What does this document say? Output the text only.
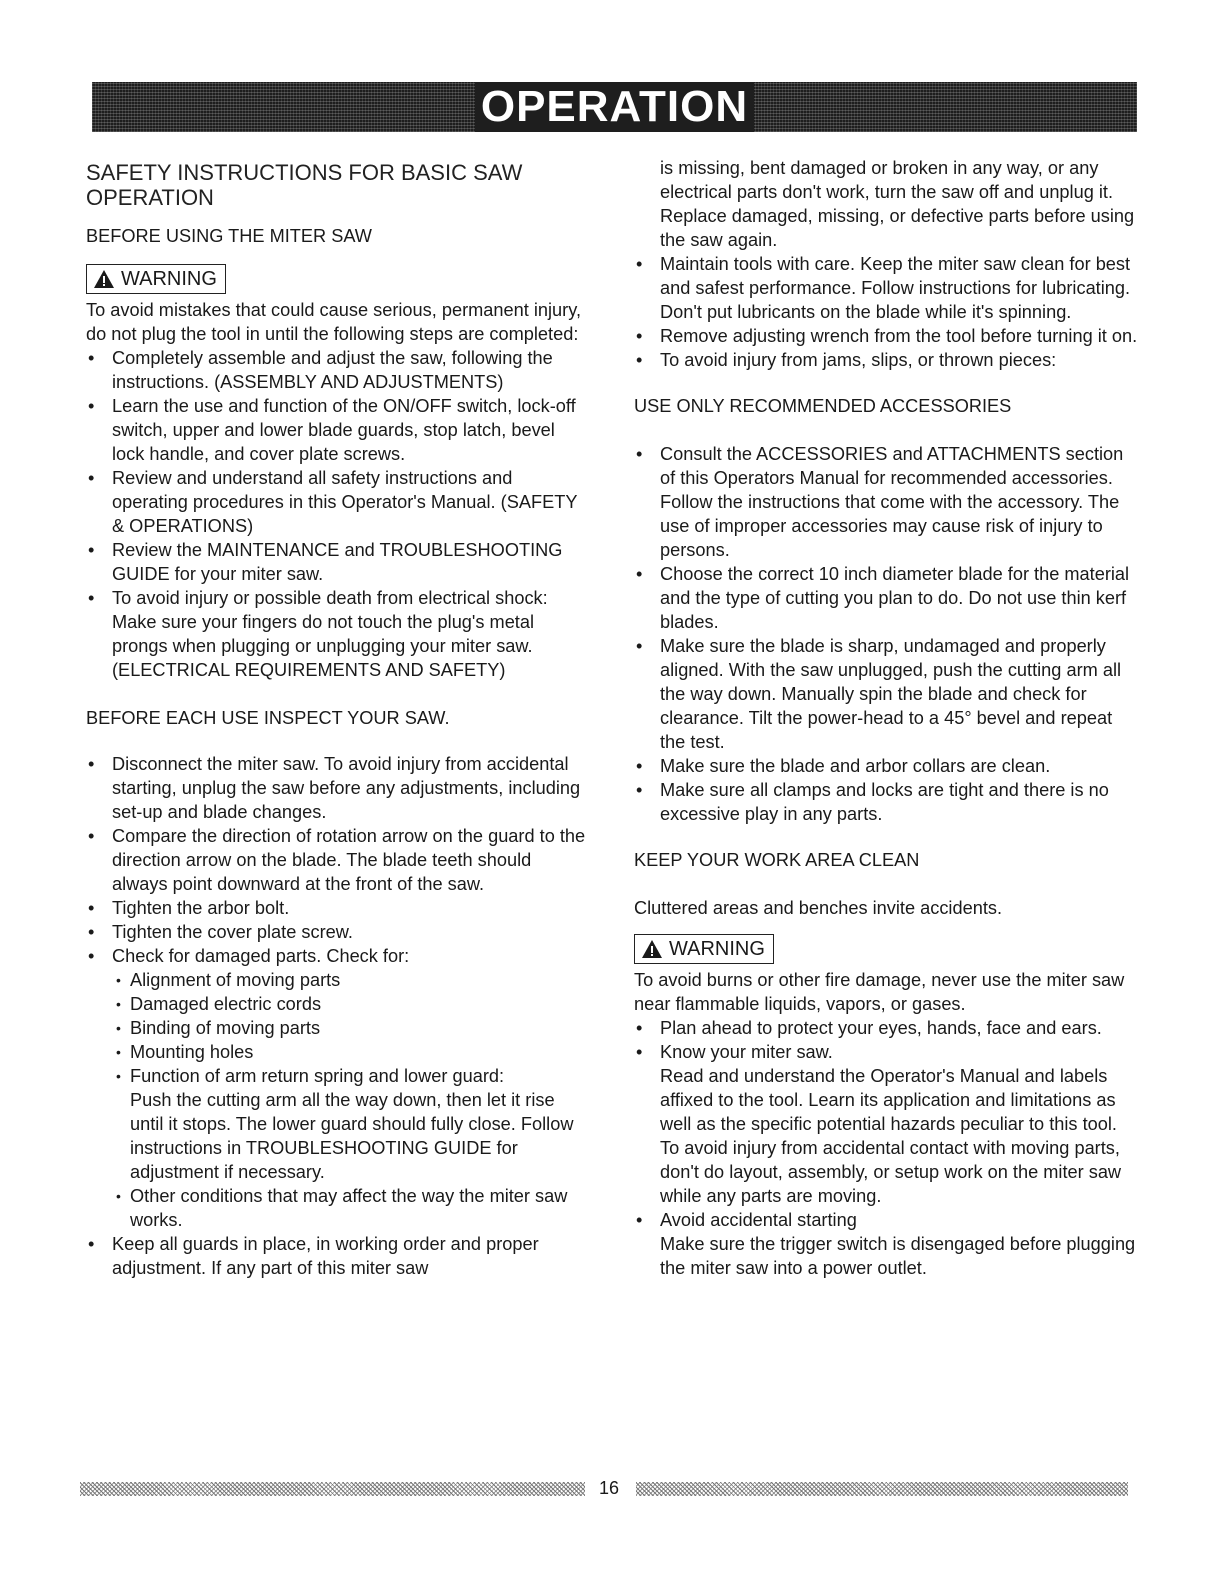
OPERATION
SAFETY INSTRUCTIONS FOR BASIC SAW OPERATION

BEFORE USING THE MITER SAW

WARNING

To avoid mistakes that could cause serious, permanent injury, do not plug the tool in until the following steps are completed:

• Completely assemble and adjust the saw, following the instructions. (ASSEMBLY AND ADJUSTMENTS)
• Learn the use and function of the ON/OFF switch, lock-off switch, upper and lower blade guards, stop latch, bevel lock handle, and cover plate screws.
• Review and understand all safety instructions and operating procedures in this Operator's Manual. (SAFETY & OPERATIONS)
• Review the MAINTENANCE and TROUBLESHOOTING GUIDE for your miter saw.
• To avoid injury or possible death from electrical shock:
Make sure your fingers do not touch the plug's metal prongs when plugging or unplugging your miter saw. (ELECTRICAL REQUIREMENTS AND SAFETY)

BEFORE EACH USE INSPECT YOUR SAW.

• Disconnect the miter saw. To avoid injury from accidental starting, unplug the saw before any adjustments, including set-up and blade changes.
• Compare the direction of rotation arrow on the guard to the direction arrow on the blade. The blade teeth should always point downward at the front of the saw.
• Tighten the arbor bolt.
• Tighten the cover plate screw.
• Check for damaged parts. Check for:
• Alignment of moving parts
• Damaged electric cords
• Binding of moving parts
• Mounting holes
• Function of arm return spring and lower guard:
Push the cutting arm all the way down, then let it rise until it stops. The lower guard should fully close. Follow instructions in TROUBLESHOOTING GUIDE for adjustment if necessary.
• Other conditions that may affect the way the miter saw works.
• Keep all guards in place, in working order and proper adjustment. If any part of this miter saw

is missing, bent damaged or broken in any way, or any electrical parts don't work, turn the saw off and unplug it. Replace damaged, missing, or defective parts before using the saw again.

• Maintain tools with care. Keep the miter saw clean for best and safest performance. Follow instructions for lubricating. Don't put lubricants on the blade while it's spinning.
• Remove adjusting wrench from the tool before turning it on.
• To avoid injury from jams, slips, or thrown pieces:

USE ONLY RECOMMENDED ACCESSORIES

• Consult the ACCESSORIES and ATTACHMENTS section of this Operators Manual for recommended accessories. Follow the instructions that come with the accessory. The use of improper accessories may cause risk of injury to persons.
• Choose the correct 10 inch diameter blade for the material and the type of cutting you plan to do. Do not use thin kerf blades.
• Make sure the blade is sharp, undamaged and properly aligned. With the saw unplugged, push the cutting arm all the way down. Manually spin the blade and check for clearance. Tilt the power-head to a 45° bevel and repeat the test.
• Make sure the blade and arbor collars are clean.
• Make sure all clamps and locks are tight and there is no excessive play in any parts.

KEEP YOUR WORK AREA CLEAN

Cluttered areas and benches invite accidents.

WARNING

To avoid burns or other fire damage, never use the miter saw near flammable liquids, vapors, or gases.

• Plan ahead to protect your eyes, hands, face and ears.
• Know your miter saw.
Read and understand the Operator's Manual and labels affixed to the tool. Learn its application and limitations as well as the specific potential hazards peculiar to this tool. To avoid injury from accidental contact with moving parts, don't do layout, assembly, or setup work on the miter saw while any parts are moving.
• Avoid accidental starting
Make sure the trigger switch is disengaged before plugging the miter saw into a power outlet.
16
